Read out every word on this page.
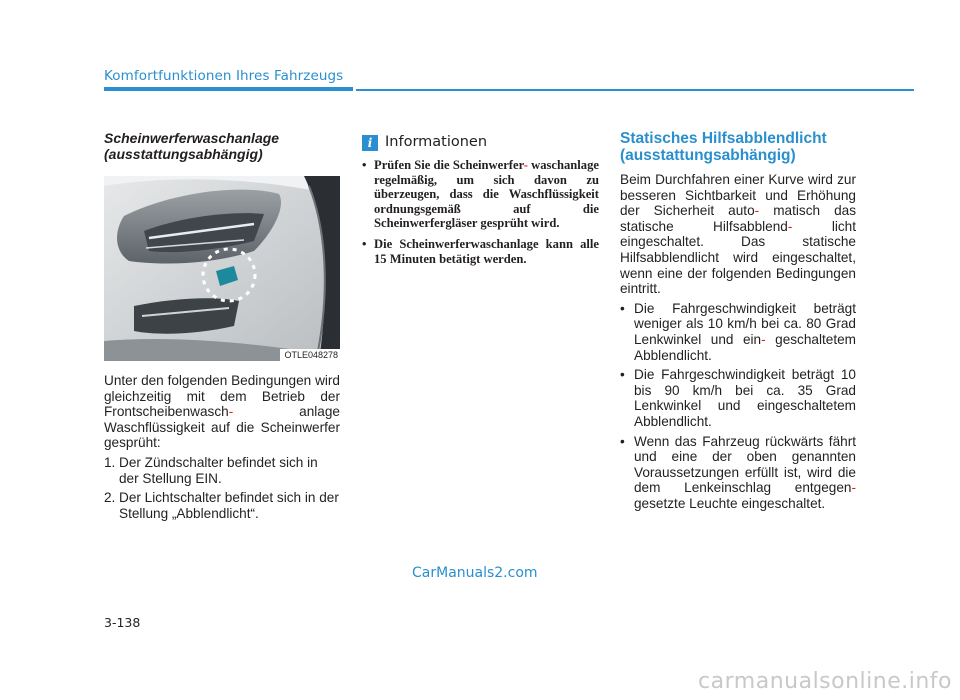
Komfortfunktionen Ihres Fahrzeugs
Scheinwerferwaschanlage
(ausstattungsabhängig)
OTLE048278

Unter den folgenden Bedingungen wird gleichzeitig mit dem Betrieb der Frontscheibenwasch-	anlage Waschflüssigkeit auf die Scheinwerfer gesprüht:

1. Der Zündschalter befindet sich in der Stellung EIN.
2. Der Lichtschalter befindet sich in der Stellung „Abblendlicht“.
i Informationen
• Prüfen Sie die Scheinwerfer- waschanlage regelmäßig, um sich davon zu überzeugen, dass die Waschflüssigkeit ordnungsgemäß auf die Scheinwerfergläser gesprüht wird.
• Die Scheinwerferwaschanlage kann alle 15 Minuten betätigt werden.
Statisches Hilfsabblendlicht
(ausstattungsabhängig)

Beim Durchfahren einer Kurve wird zur besseren Sichtbarkeit und Erhöhung der Sicherheit auto- matisch das statische Hilfsabblend-	licht eingeschaltet. Das statische Hilfsabblendlicht wird eingeschaltet, wenn eine der folgenden Bedingungen eintritt.

• Die Fahrgeschwindigkeit beträgt weniger als 10 km/h bei ca. 80 Grad Lenkwinkel und ein- geschaltetem Abblendlicht.
• Die Fahrgeschwindigkeit beträgt 10 bis 90 km/h bei ca. 35 Grad Lenkwinkel und eingeschaltetem Abblendlicht.
• Wenn das Fahrzeug rückwärts fährt und eine der oben genannten Voraussetzungen erfüllt ist, wird die dem Lenkeinschlag entgegen- gesetzte Leuchte eingeschaltet.
CarManuals2.com
3-138
carmanualsonline.info
